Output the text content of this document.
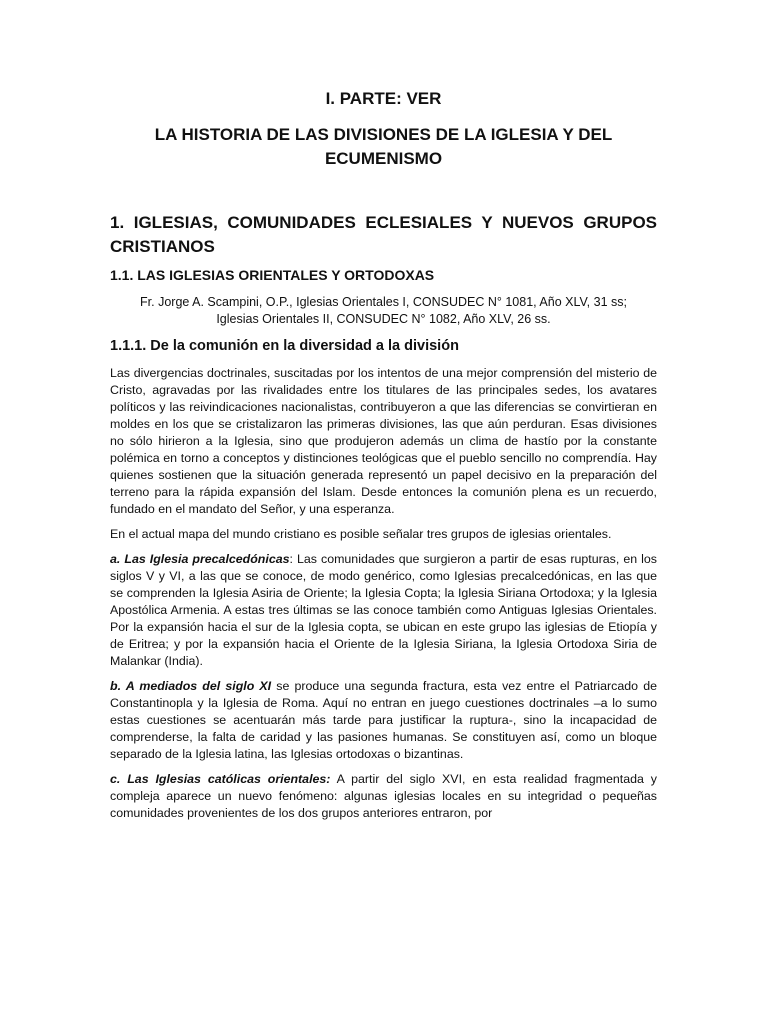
I. PARTE: VER
LA HISTORIA DE LAS DIVISIONES DE LA IGLESIA Y DEL
ECUMENISMO
1. IGLESIAS, COMUNIDADES ECLESIALES Y NUEVOS GRUPOS CRISTIANOS
1.1. LAS IGLESIAS ORIENTALES Y ORTODOXAS
Fr. Jorge A. Scampini, O.P., Iglesias Orientales I, CONSUDEC N° 1081, Año XLV, 31 ss;
Iglesias Orientales II, CONSUDEC N° 1082, Año XLV, 26 ss.
1.1.1. De la comunión en la diversidad a la división

Las divergencias doctrinales, suscitadas por los intentos de una mejor comprensión del misterio de Cristo, agravadas por las rivalidades entre los titulares de las principales sedes, los avatares políticos y las reivindicaciones nacionalistas, contribuyeron a que las diferencias se convirtieran en moldes en los que se cristalizaron las primeras divisiones, las que aún perduran. Esas divisiones no sólo hirieron a la Iglesia, sino que produjeron además un clima de hastío por la constante polémica en torno a conceptos y distinciones teológicas que el pueblo sencillo no comprendía. Hay quienes sostienen que la situación generada representó un papel decisivo en la preparación del terreno para la rápida expansión del Islam. Desde entonces la comunión plena es un recuerdo, fundado en el mandato del Señor, y una esperanza.

En el actual mapa del mundo cristiano es posible señalar tres grupos de iglesias orientales.

a. Las Iglesia precalcedónicas: Las comunidades que surgieron a partir de esas rupturas, en los siglos V y VI, a las que se conoce, de modo genérico, como Iglesias precalcedónicas, en las que se comprenden la Iglesia Asiria de Oriente; la Iglesia Copta; la Iglesia Siriana Ortodoxa; y la Iglesia Apostólica Armenia. A estas tres últimas se las conoce también como Antiguas Iglesias Orientales. Por la expansión hacia el sur de la Iglesia copta, se ubican en este grupo las iglesias de Etiopía y de Eritrea; y por la expansión hacia el Oriente de la Iglesia Siriana, la Iglesia Ortodoxa Siria de Malankar (India).

b. A mediados del siglo XI se produce una segunda fractura, esta vez entre el Patriarcado de Constantinopla y la Iglesia de Roma. Aquí no entran en juego cuestiones doctrinales –a lo sumo estas cuestiones se acentuarán más tarde para justificar la ruptura-, sino la incapacidad de comprenderse, la falta de caridad y las pasiones humanas. Se constituyen así, como un bloque separado de la Iglesia latina, las Iglesias ortodoxas o bizantinas.

c. Las Iglesias católicas orientales: A partir del siglo XVI, en esta realidad fragmentada y compleja aparece un nuevo fenómeno: algunas iglesias locales en su integridad o pequeñas comunidades provenientes de los dos grupos anteriores entraron, por
